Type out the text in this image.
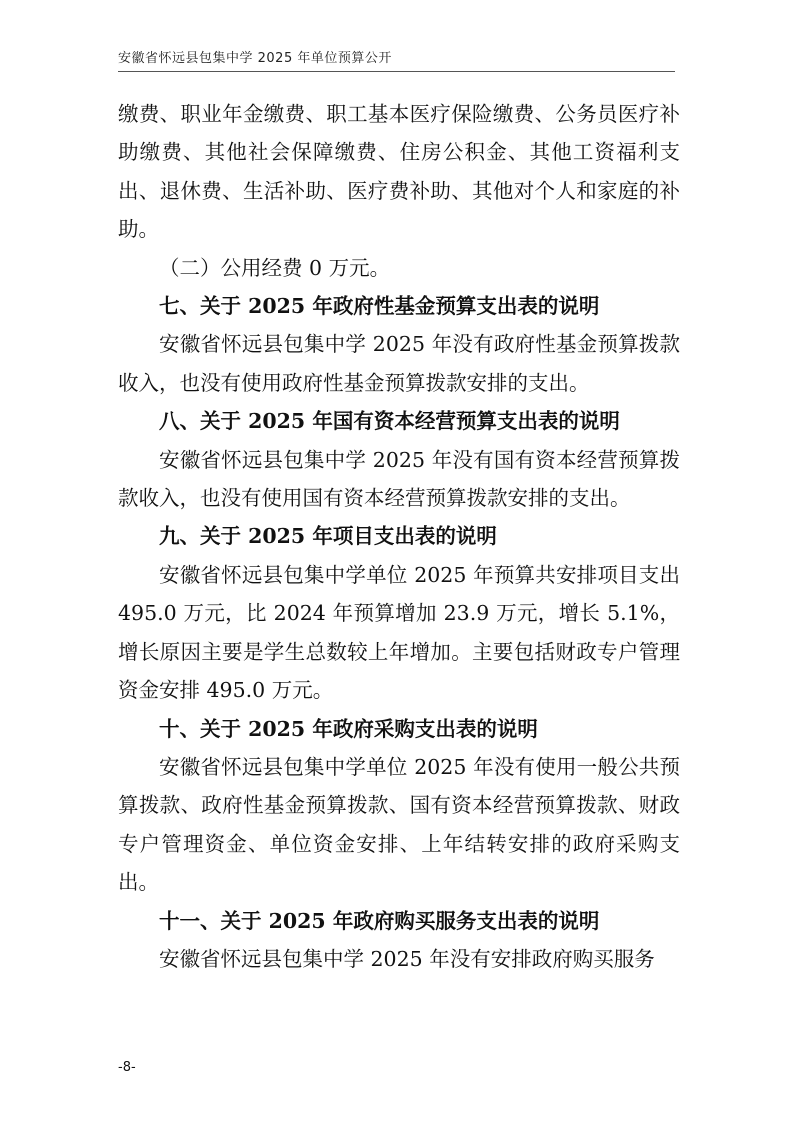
安徽省怀远县包集中学 2025 年单位预算公开

缴费、职业年金缴费、职工基本医疗保险缴费、公务员医疗补助缴费、其他社会保障缴费、住房公积金、其他工资福利支出、退休费、生活补助、医疗费补助、其他对个人和家庭的补助。

（二）公用经费 0 万元。

七、关于 2025 年政府性基金预算支出表的说明

安徽省怀远县包集中学 2025 年没有政府性基金预算拨款收入，也没有使用政府性基金预算拨款安排的支出。

八、关于 2025 年国有资本经营预算支出表的说明

安徽省怀远县包集中学 2025 年没有国有资本经营预算拨款收入，也没有使用国有资本经营预算拨款安排的支出。

九、关于 2025 年项目支出表的说明

安徽省怀远县包集中学单位 2025 年预算共安排项目支出 495.0 万元，比 2024 年预算增加 23.9 万元，增长 5.1%，增长原因主要是学生总数较上年增加。主要包括财政专户管理资金安排 495.0 万元。

十、关于 2025 年政府采购支出表的说明

安徽省怀远县包集中学单位 2025 年没有使用一般公共预算拨款、政府性基金预算拨款、国有资本经营预算拨款、财政专户管理资金、单位资金安排、上年结转安排的政府采购支出。

十一、关于 2025 年政府购买服务支出表的说明

安徽省怀远县包集中学 2025 年没有安排政府购买服务

-8-
